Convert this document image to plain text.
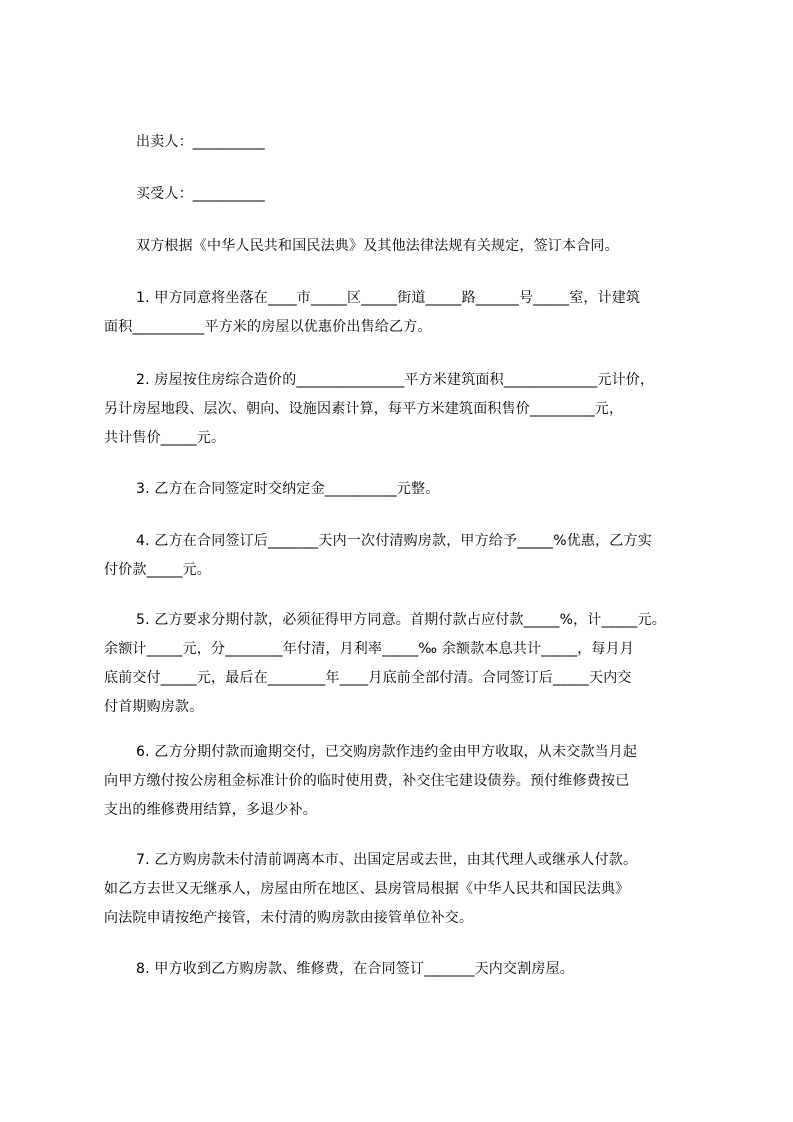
出卖人：__________
买受人：__________
双方根据《中华人民共和国民法典》及其他法律法规有关规定，签订本合同。
1. 甲方同意将坐落在____市_____区_____街道_____路______号_____室，计建筑
面积__________平方米的房屋以优惠价出售给乙方。
2. 房屋按住房综合造价的_______________平方米建筑面积_____________元计价，
另计房屋地段、层次、朝向、设施因素计算，每平方米建筑面积售价_________元，
共计售价_____元。
3. 乙方在合同签定时交纳定金__________元整。
4. 乙方在合同签订后_______天内一次付清购房款，甲方给予_____%优惠，乙方实
付价款_____元。
5. 乙方要求分期付款，必须征得甲方同意。首期付款占应付款_____%，计_____元。
余额计_____元，分________年付清，月利率_____‰ 余额款本息共计_____，每月月
底前交付_____元，最后在________年____月底前全部付清。合同签订后_____天内交
付首期购房款。
6. 乙方分期付款而逾期交付，已交购房款作违约金由甲方收取，从未交款当月起
向甲方缴付按公房租金标准计价的临时使用费，补交住宅建设债券。预付维修费按已
支出的维修费用结算，多退少补。
7. 乙方购房款未付清前调离本市、出国定居或去世，由其代理人或继承人付款。
如乙方去世又无继承人，房屋由所在地区、县房管局根据《中华人民共和国民法典》
向法院申请按绝产接管，未付清的购房款由接管单位补交。
8. 甲方收到乙方购房款、维修费，在合同签订_______天内交割房屋。
